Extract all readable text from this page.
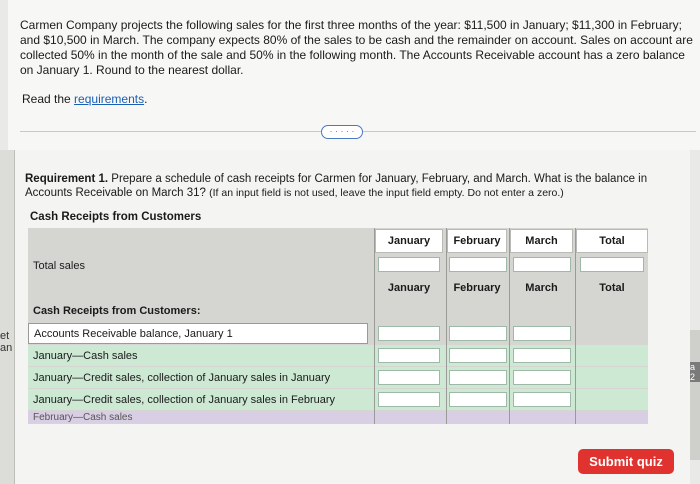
et
an
a
2
Carmen Company projects the following sales for the first three months of the year: $11,500 in January; $11,300 in February; and $10,500 in March. The company expects 80% of the sales to be cash and the remainder on account. Sales on account are collected 50% in the month of the sale and 50% in the following month. The Accounts Receivable account has a zero balance on January 1. Round to the nearest dollar.
Read the requirements.
· · · · ·
Requirement 1. Prepare a schedule of cash receipts for Carmen for January, February, and March. What is the balance in Accounts Receivable on March 31? (If an input field is not used, leave the input field empty. Do not enter a zero.)
Cash Receipts from Customers
January	February	March	Total
Total sales
January	February	March	Total
Cash Receipts from Customers:
Accounts Receivable balance, January 1
January—Cash sales
January—Credit sales, collection of January sales in January
January—Credit sales, collection of January sales in February
February—Cash sales
Submit quiz
